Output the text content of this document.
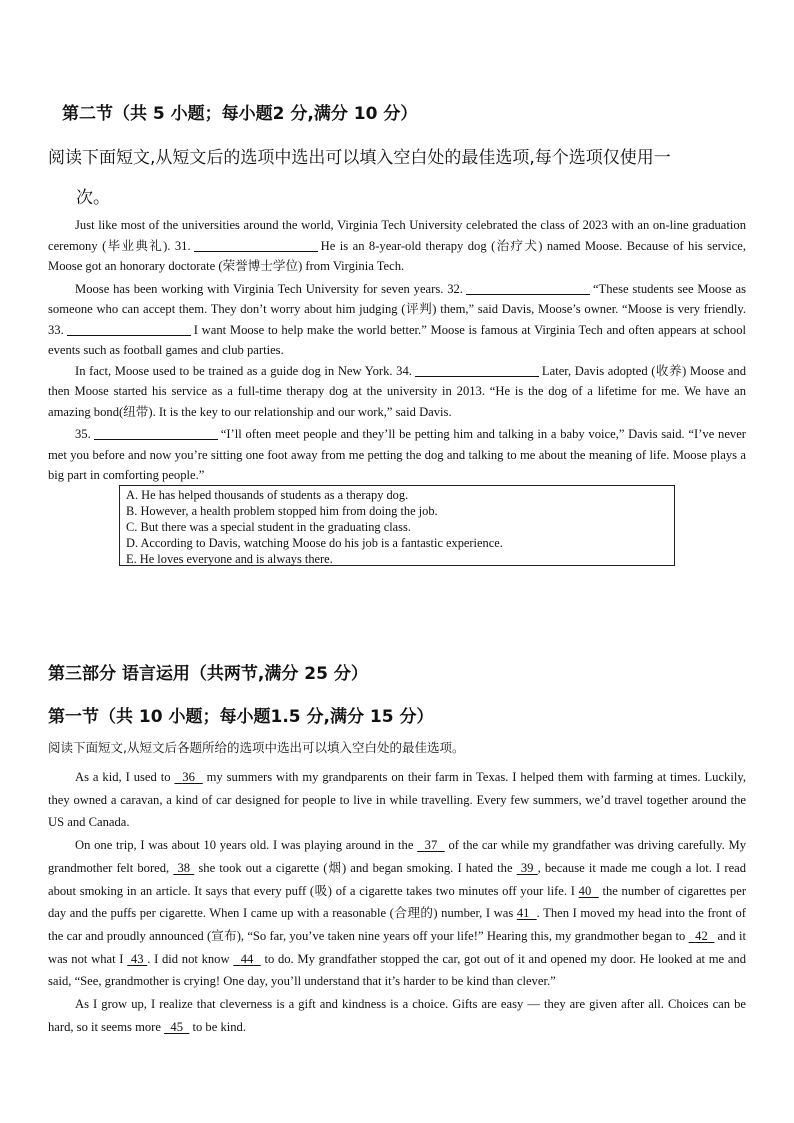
第二节（共 5 小题；每小题2 分,满分 10 分）
阅读下面短文,从短文后的选项中选出可以填入空白处的最佳选项,每个选项仅使用一
次。

Just like most of the universities around the world, Virginia Tech University celebrated the class of 2023 with an on-line graduation ceremony (毕业典礼). 31.	He is an 8-year-old therapy dog (治疗犬) named Moose. Because of his service, Moose got an honorary doctorate (荣誉博士学位) from Virginia Tech.

Moose has been working with Virginia Tech University for seven years. 32.	“These students see Moose as someone who can accept them. They don’t worry about him judging (评判) them,” said Davis, Moose’s owner. “Moose is very friendly. 33.	I want Moose to help make the world better.” Moose is famous at Virginia Tech and often appears at school events such as football games and club parties.

In fact, Moose used to be trained as a guide dog in New York. 34.	Later, Davis adopted (收养) Moose and then Moose started his service as a full-time therapy dog at the university in 2013. “He is the dog of a lifetime for me. We have an amazing bond(纽带). It is the key to our relationship and our work,” said Davis.

35.	“I’ll often meet people and they’ll be petting him and talking in a baby voice,” Davis said. “I’ve never met you before and now you’re sitting one foot away from me petting the dog and talking to me about the meaning of life. Moose plays a big part in comforting people.”

A. He has helped thousands of students as a therapy dog.
B. However, a health problem stopped him from doing the job.
C. But there was a special student in the graduating class.
D. According to Davis, watching Moose do his job is a fantastic experience.
E. He loves everyone and is always there.
第三部分 语言运用（共两节,满分 25 分）
第一节（共 10 小题；每小题1.5 分,满分 15 分）
阅读下面短文,从短文后各题所给的选项中选出可以填入空白处的最佳选项。

As a kid, I used to 36 my summers with my grandparents on their farm in Texas. I helped them with farming at times. Luckily, they owned a caravan, a kind of car designed for people to live in while travelling. Every few summers, we’d travel together around the US and Canada.

On one trip, I was about 10 years old. I was playing around in the 37 of the car while my grandfather was driving carefully. My grandmother felt bored, 38 she took out a cigarette (烟) and began smoking. I hated the 39 , because it made me cough a lot. I read about smoking in an article. It says that every puff (吸) of a cigarette takes two minutes off your life. I 40 the number of cigarettes per day and the puffs per cigarette. When I came up with a reasonable (合理的) number, I was 41 . Then I moved my head into the front of the car and proudly announced (宣布), “So far, you’ve taken nine years off your life!” Hearing this, my grandmother began to 42 and it was not what I 43 . I did not know 44 to do. My grandfather stopped the car, got out of it and opened my door. He looked at me and said, “See, grandmother is crying! One day, you’ll understand that it’s harder to be kind than clever.”

As I grow up, I realize that cleverness is a gift and kindness is a choice. Gifts are easy — they are given after all. Choices can be hard, so it seems more 45 to be kind.
